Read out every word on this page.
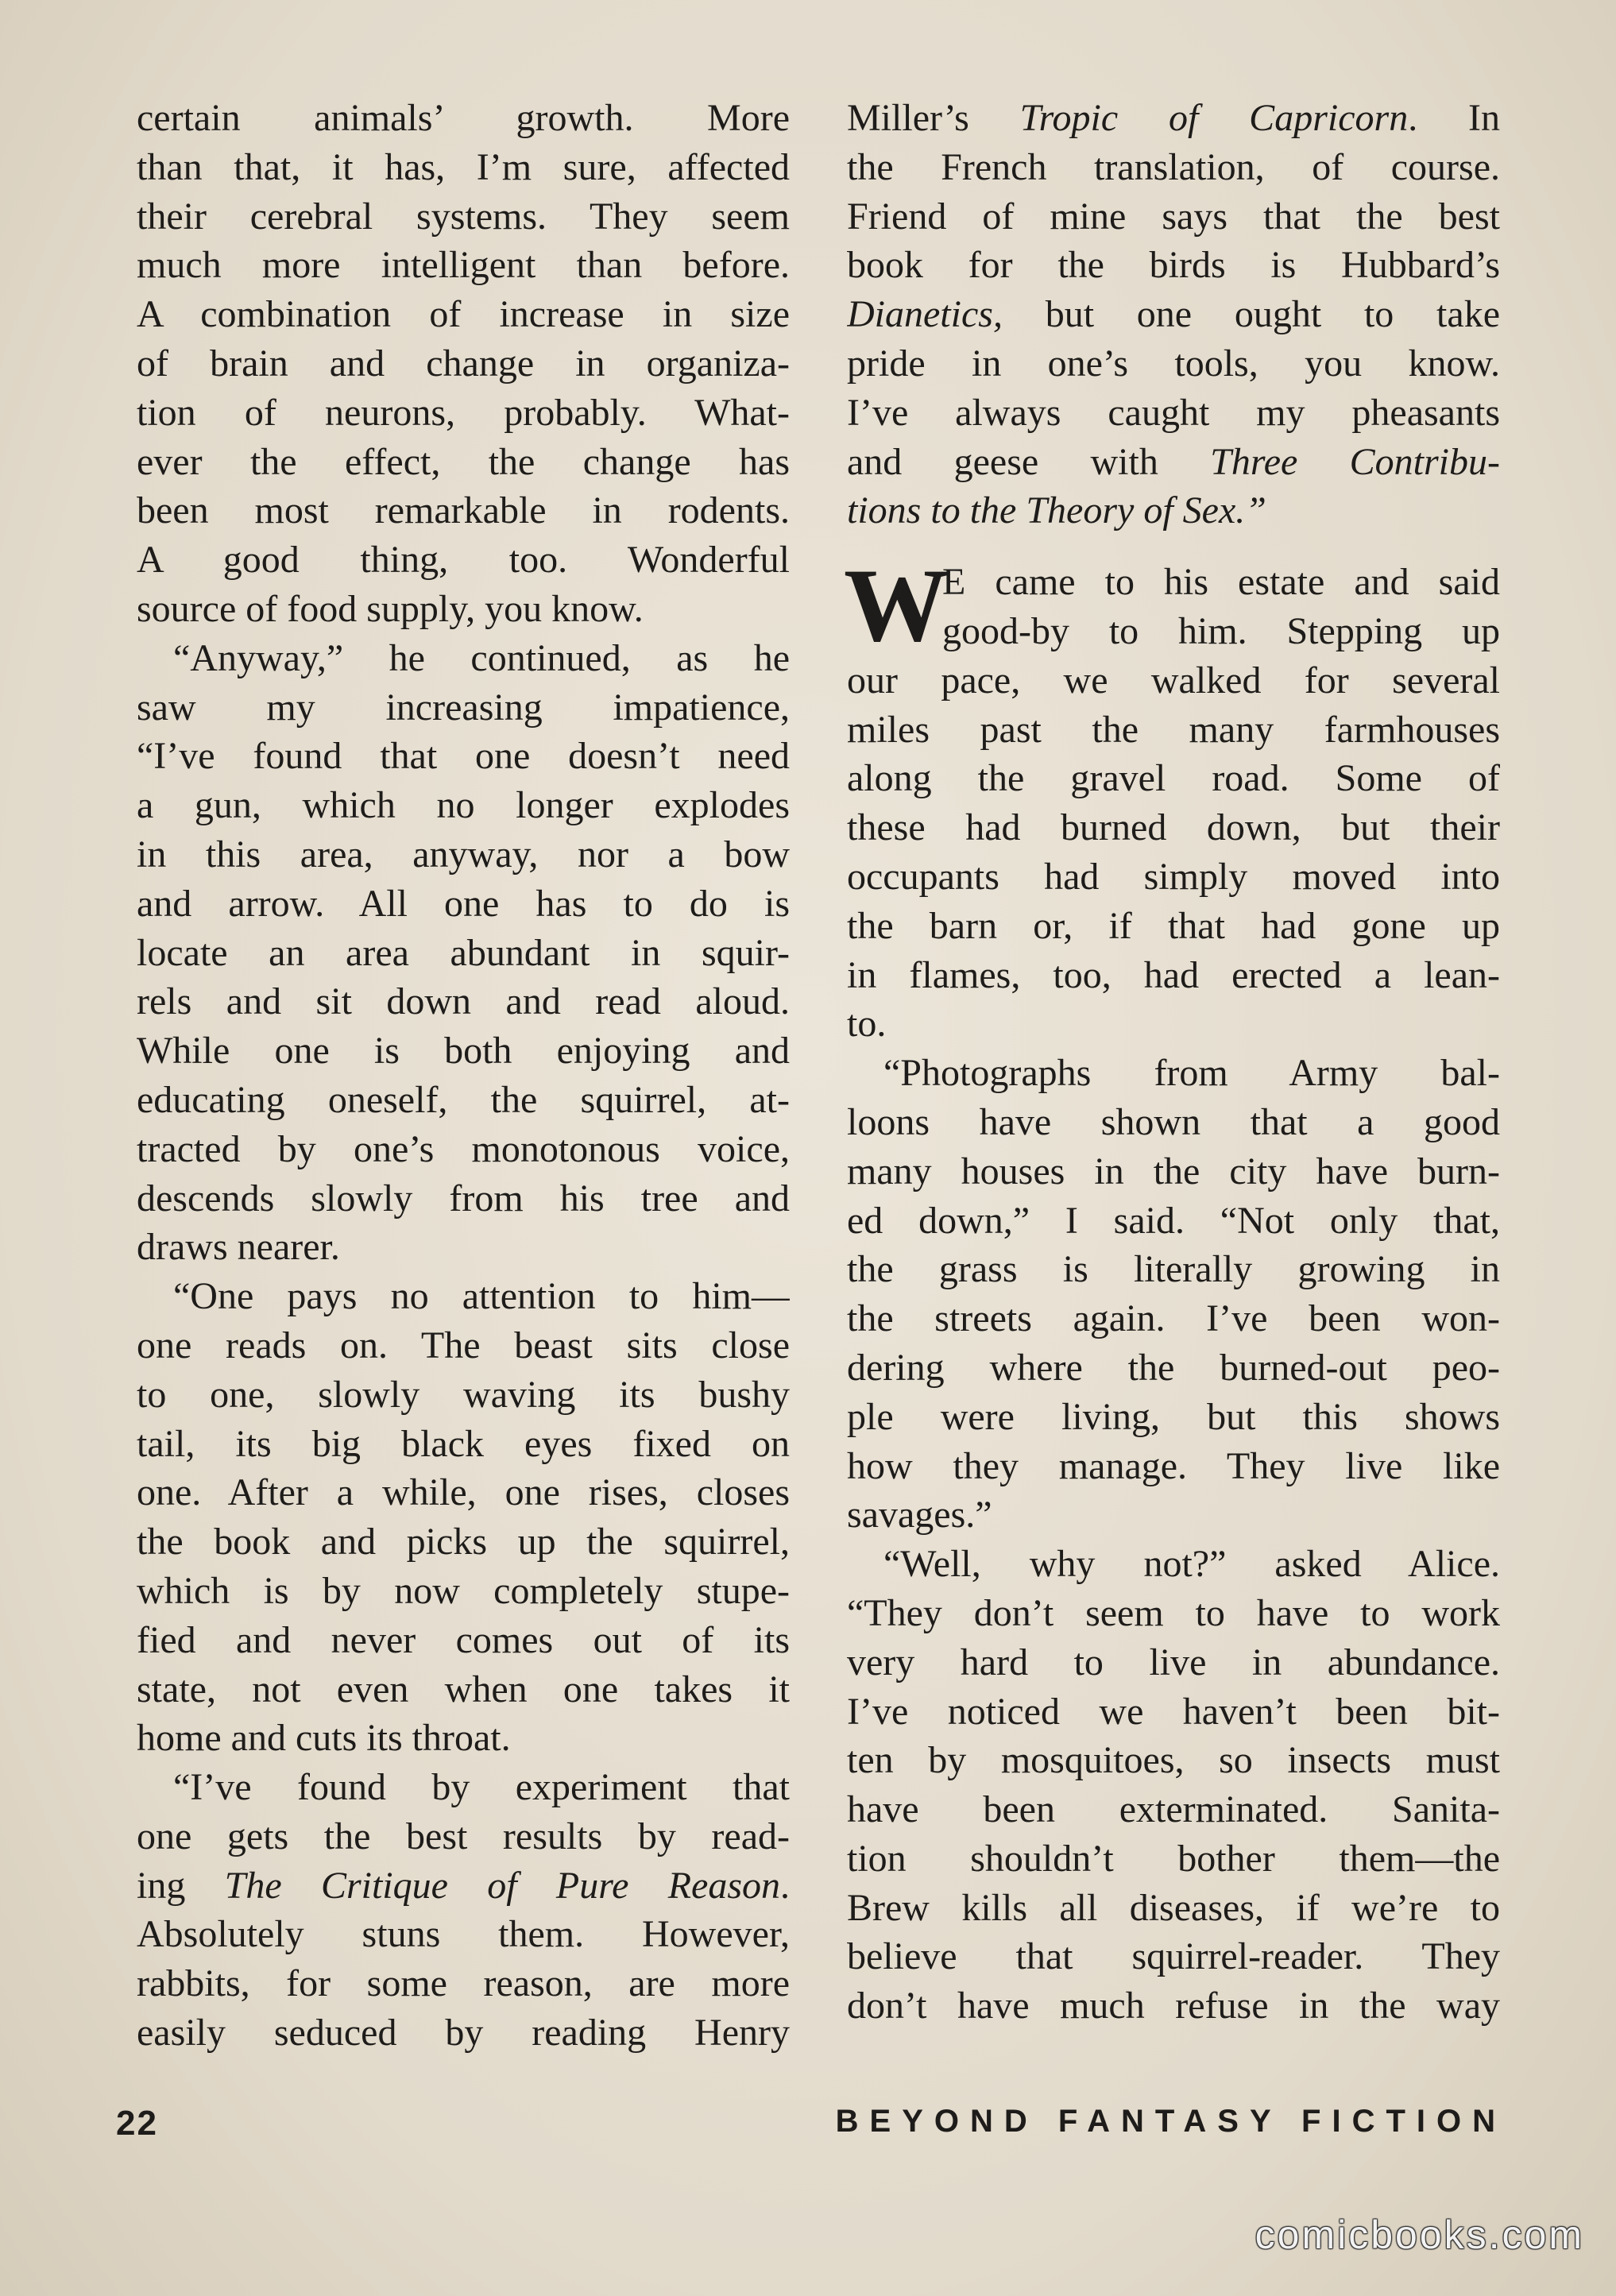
certain animals’ growth. More
than that, it has, I’m sure, affected
their cerebral systems. They seem
much more intelligent than before.
A combination of increase in size
of brain and change in organiza-
tion of neurons, probably. What-
ever the effect, the change has
been most remarkable in rodents.
A good thing, too. Wonderful
source of food supply, you know.
“Anyway,” he continued, as he
saw my increasing impatience,
“I’ve found that one doesn’t need
a gun, which no longer explodes
in this area, anyway, nor a bow
and arrow. All one has to do is
locate an area abundant in squir-
rels and sit down and read aloud.
While one is both enjoying and
educating oneself, the squirrel, at-
tracted by one’s monotonous voice,
descends slowly from his tree and
draws nearer.
“One pays no attention to him—
one reads on. The beast sits close
to one, slowly waving its bushy
tail, its big black eyes fixed on
one. After a while, one rises, closes
the book and picks up the squirrel,
which is by now completely stupe-
fied and never comes out of its
state, not even when one takes it
home and cuts its throat.
“I’ve found by experiment that
one gets the best results by read-
ing The Critique of Pure Reason.
Absolutely stuns them. However,
rabbits, for some reason, are more
easily seduced by reading Henry
Miller’s Tropic of Capricorn. In
the French translation, of course.
Friend of mine says that the best
book for the birds is Hubbard’s
Dianetics, but one ought to take
pride in one’s tools, you know.
I’ve always caught my pheasants
and geese with Three Contribu-
tions to the Theory of Sex.”
W
E came to his estate and said
good-by to him. Stepping up
our pace, we walked for several
miles past the many farmhouses
along the gravel road. Some of
these had burned down, but their
occupants had simply moved into
the barn or, if that had gone up
in flames, too, had erected a lean-
to.
“Photographs from Army bal-
loons have shown that a good
many houses in the city have burn-
ed down,” I said. “Not only that,
the grass is literally growing in
the streets again. I’ve been won-
dering where the burned-out peo-
ple were living, but this shows
how they manage. They live like
savages.”
“Well, why not?” asked Alice.
“They don’t seem to have to work
very hard to live in abundance.
I’ve noticed we haven’t been bit-
ten by mosquitoes, so insects must
have been exterminated. Sanita-
tion shouldn’t bother them—the
Brew kills all diseases, if we’re to
believe that squirrel-reader. They
don’t have much refuse in the way
22	BEYOND FANTASY FICTION
comicbooks.com
